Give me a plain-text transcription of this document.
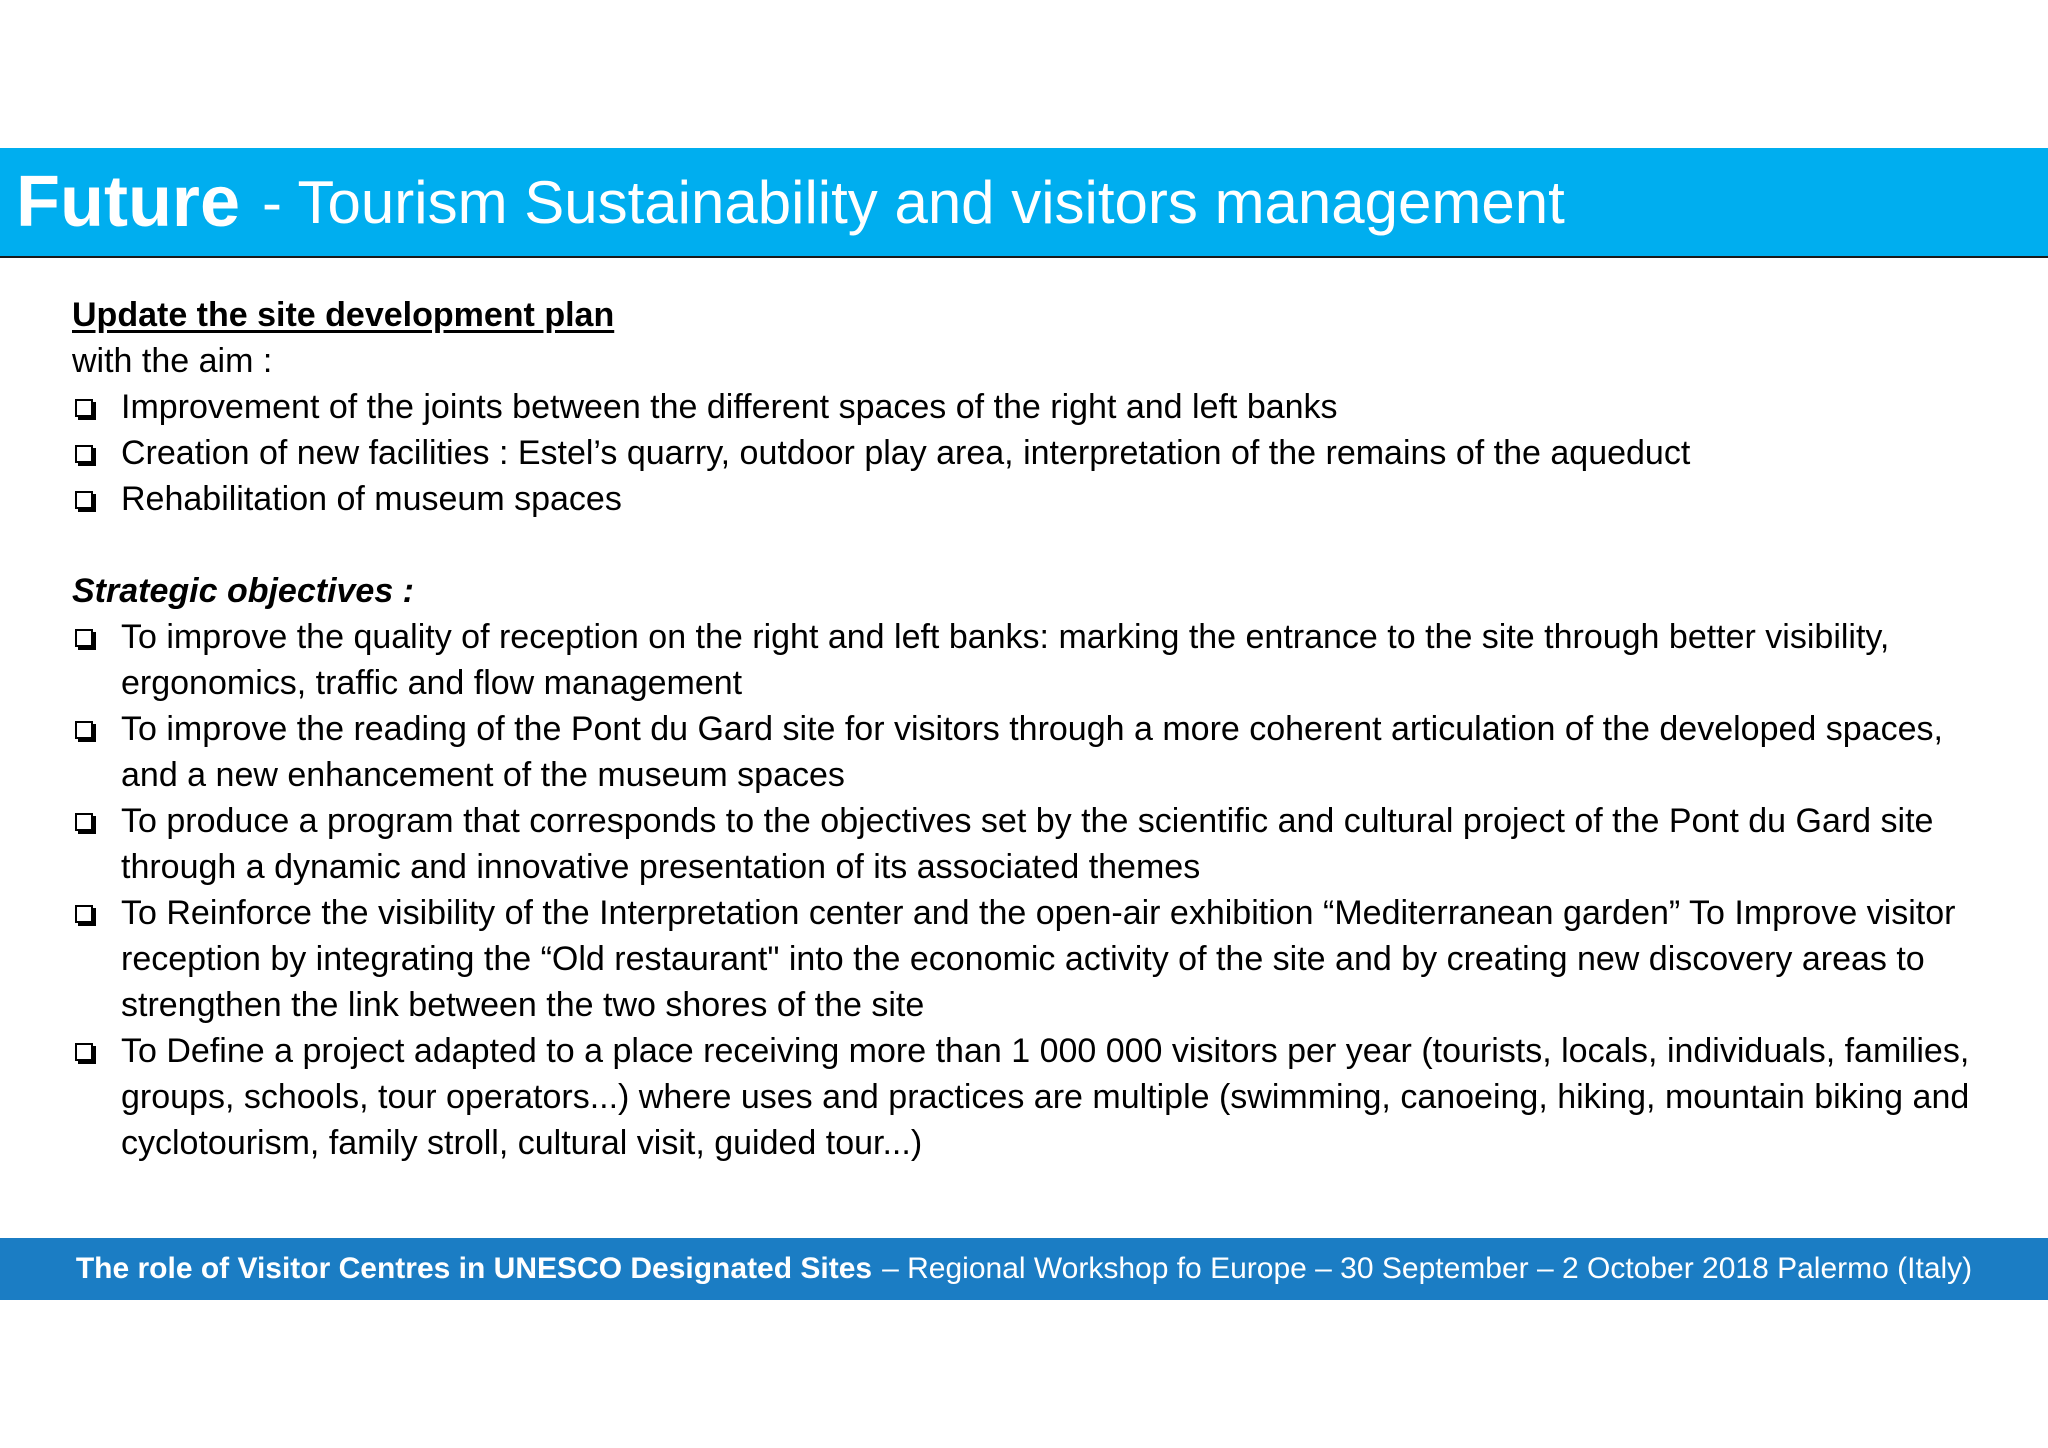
Future - Tourism Sustainability and visitors management
Update the site development plan
with the aim :
Improvement of the joints between the different spaces of the right and left banks
Creation of new facilities : Estel’s quarry, outdoor play area, interpretation of the remains of the aqueduct
Rehabilitation of museum spaces
Strategic objectives :
To improve the quality of reception on the right and left banks: marking the entrance to the site through better visibility, ergonomics, traffic and flow management
To improve the reading of the Pont du Gard site for visitors through a more coherent articulation of the developed spaces, and a new enhancement of the museum spaces
To produce a program that corresponds to the objectives set by the scientific and cultural project of the Pont du Gard site through a dynamic and innovative presentation of its associated themes
To Reinforce the visibility of the Interpretation center and the open-air exhibition “Mediterranean garden” To Improve visitor reception by integrating the “Old restaurant" into the economic activity of the site and by creating new discovery areas to strengthen the link between the two shores of the site
To Define a project adapted to a place receiving more than 1 000 000 visitors per year (tourists, locals, individuals, families, groups, schools, tour operators...) where uses and practices are multiple (swimming, canoeing, hiking, mountain biking and cyclotourism, family stroll, cultural visit, guided tour...)
The role of Visitor Centres in UNESCO Designated Sites – Regional Workshop fo Europe – 30 September – 2 October 2018 Palermo (Italy)
